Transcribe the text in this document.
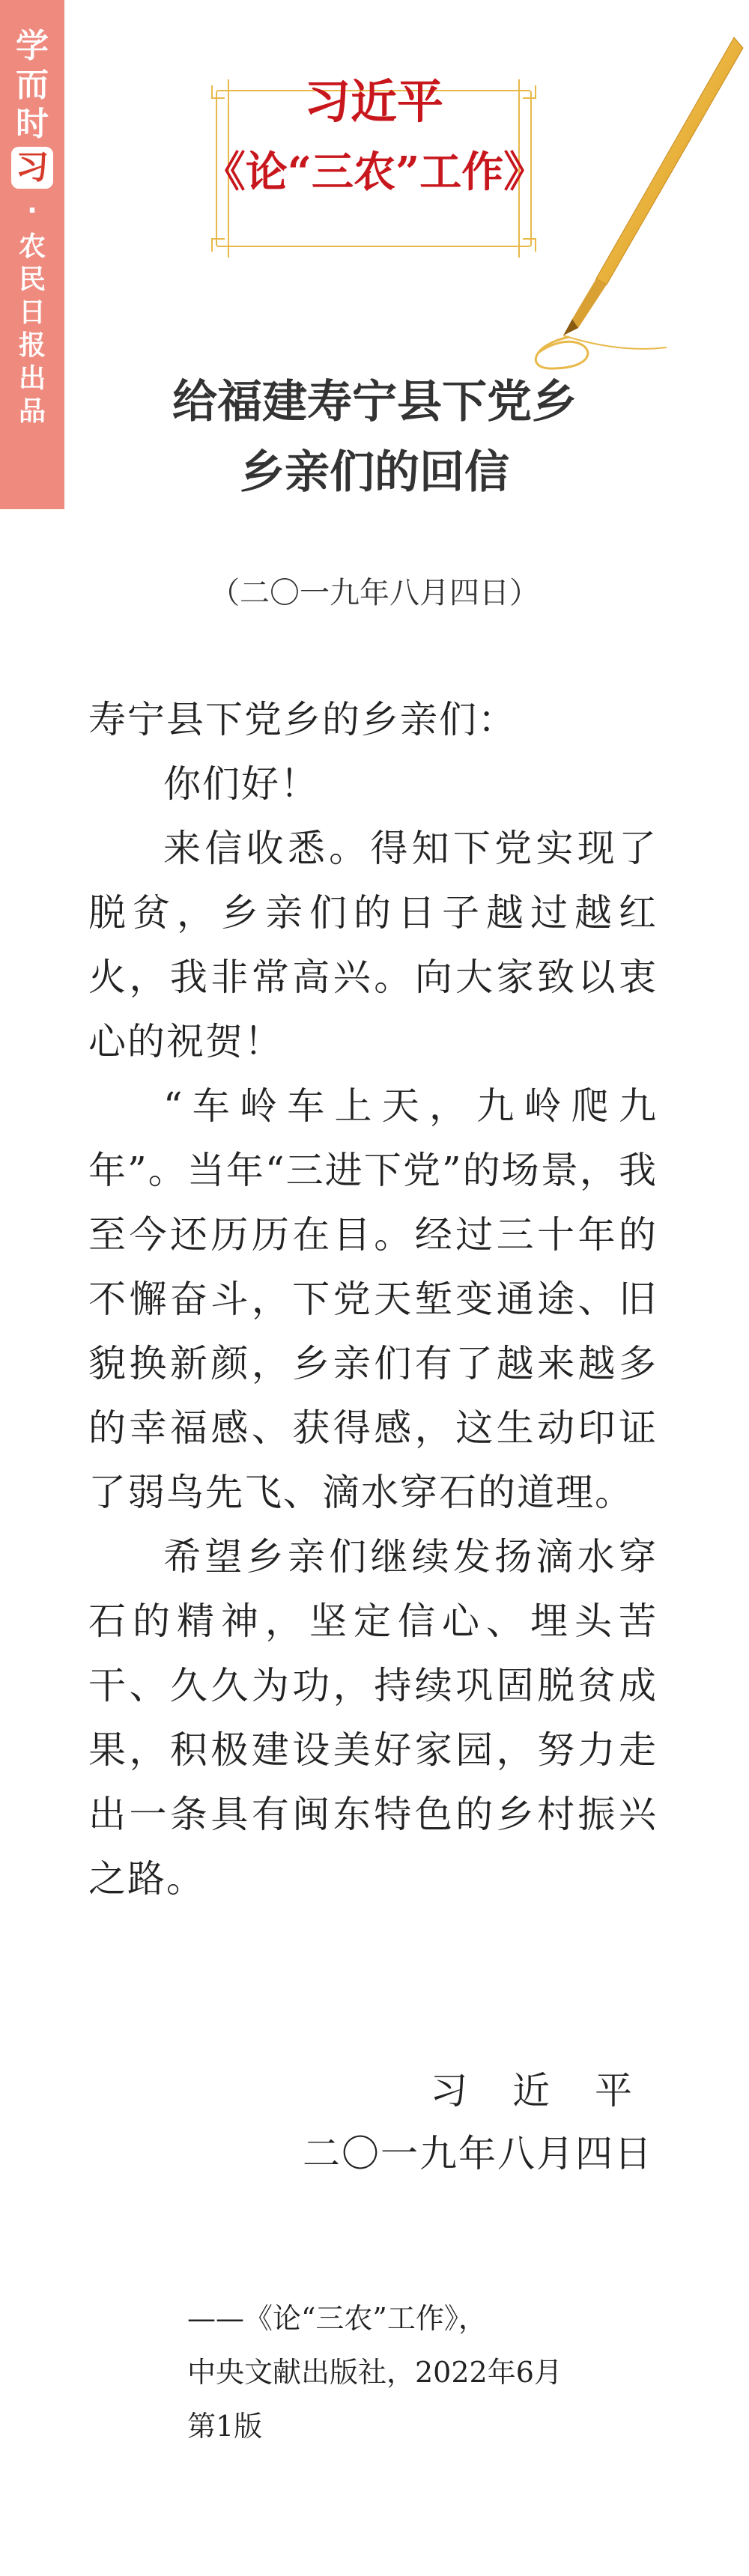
学
而
时
习
·
农
民
日
报
出
品
习近平
《论“三农”工作》
给福建寿宁县下党乡
乡亲们的回信
（二〇一九年八月四日）

寿宁县下党乡的乡亲们：

你们好！

来信收悉。得知下党实现了脱贫，乡亲们的日子越过越红火，我非常高兴。向大家致以衷心的祝贺！

“车岭车上天，九岭爬九年”。当年“三进下党”的场景，我至今还历历在目。经过三十年的不懈奋斗，下党天堑变通途、旧貌换新颜，乡亲们有了越来越多的幸福感、获得感，这生动印证了弱鸟先飞、滴水穿石的道理。

希望乡亲们继续发扬滴水穿石的精神，坚定信心、埋头苦干、久久为功，持续巩固脱贫成果，积极建设美好家园，努力走出一条具有闽东特色的乡村振兴之路。

习 近 平
二〇一九年八月四日
——《论“三农”工作》，
中央文献出版社，2022年6月
第1版
